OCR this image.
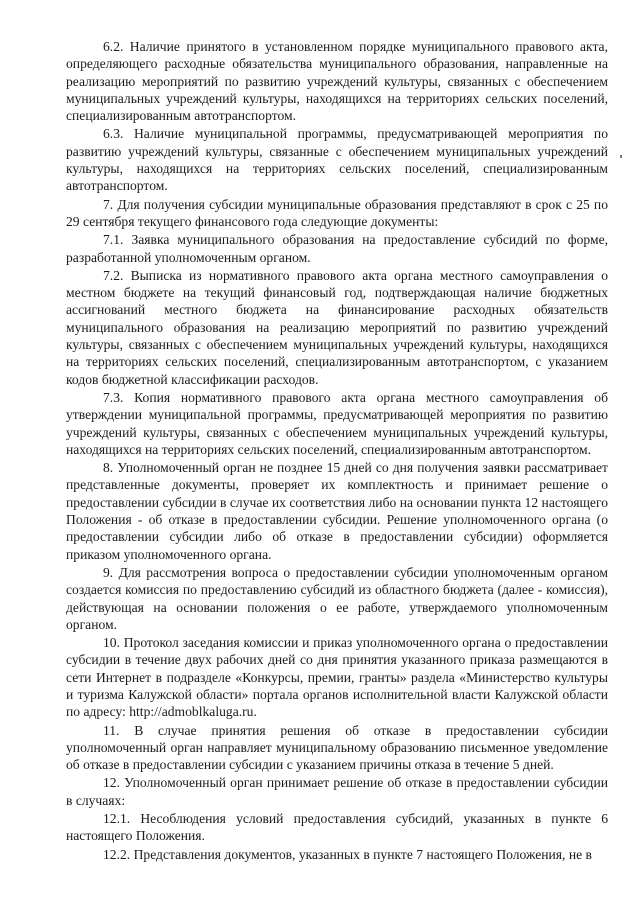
6.2. Наличие принятого в установленном порядке муниципального правового акта, определяющего расходные обязательства муниципального образования, направленные на реализацию мероприятий по развитию учреждений культуры, связанных с обеспечением муниципальных учреждений культуры, находящихся на территориях сельских поселений, специализированным автотранспортом.

6.3. Наличие муниципальной программы, предусматривающей мероприятия по развитию учреждений культуры, связанные с обеспечением муниципальных учреждений культуры, находящихся на территориях сельских поселений, специализированным автотранспортом.

7. Для получения субсидии муниципальные образования представляют в срок с 25 по 29 сентября текущего финансового года следующие документы:

7.1. Заявка муниципального образования на предоставление субсидий по форме, разработанной уполномоченным органом.

7.2. Выписка из нормативного правового акта органа местного самоуправления о местном бюджете на текущий финансовый год, подтверждающая наличие бюджетных ассигнований местного бюджета на финансирование расходных обязательств муниципального образования на реализацию мероприятий по развитию учреждений культуры, связанных с обеспечением муниципальных учреждений культуры, находящихся на территориях сельских поселений, специализированным автотранспортом, с указанием кодов бюджетной классификации расходов.

7.3. Копия нормативного правового акта органа местного самоуправления об утверждении муниципальной программы, предусматривающей мероприятия по развитию учреждений культуры, связанных с обеспечением муниципальных учреждений культуры, находящихся на территориях сельских поселений, специализированным автотранспортом.

8. Уполномоченный орган не позднее 15 дней со дня получения заявки рассматривает представленные документы, проверяет их комплектность и принимает решение о предоставлении субсидии в случае их соответствия либо на основании пункта 12 настоящего Положения - об отказе в предоставлении субсидии. Решение уполномоченного органа (о предоставлении субсидии либо об отказе в предоставлении субсидии) оформляется приказом уполномоченного органа.

9. Для рассмотрения вопроса о предоставлении субсидии уполномоченным органом создается комиссия по предоставлению субсидий из областного бюджета (далее - комиссия), действующая на основании положения о ее работе, утверждаемого уполномоченным органом.

10. Протокол заседания комиссии и приказ уполномоченного органа о предоставлении субсидии в течение двух рабочих дней со дня принятия указанного приказа размещаются в сети Интернет в подразделе «Конкурсы, премии, гранты» раздела «Министерство культуры и туризма Калужской области» портала органов исполнительной власти Калужской области по адресу: http://admoblkaluga.ru.

11. В случае принятия решения об отказе в предоставлении субсидии уполномоченный орган направляет муниципальному образованию письменное уведомление об отказе в предоставлении субсидии с указанием причины отказа в течение 5 дней.

12. Уполномоченный орган принимает решение об отказе в предоставлении субсидии в случаях:

12.1. Несоблюдения условий предоставления субсидий, указанных в пункте 6 настоящего Положения.

12.2. Представления документов, указанных в пункте 7 настоящего Положения, не в
